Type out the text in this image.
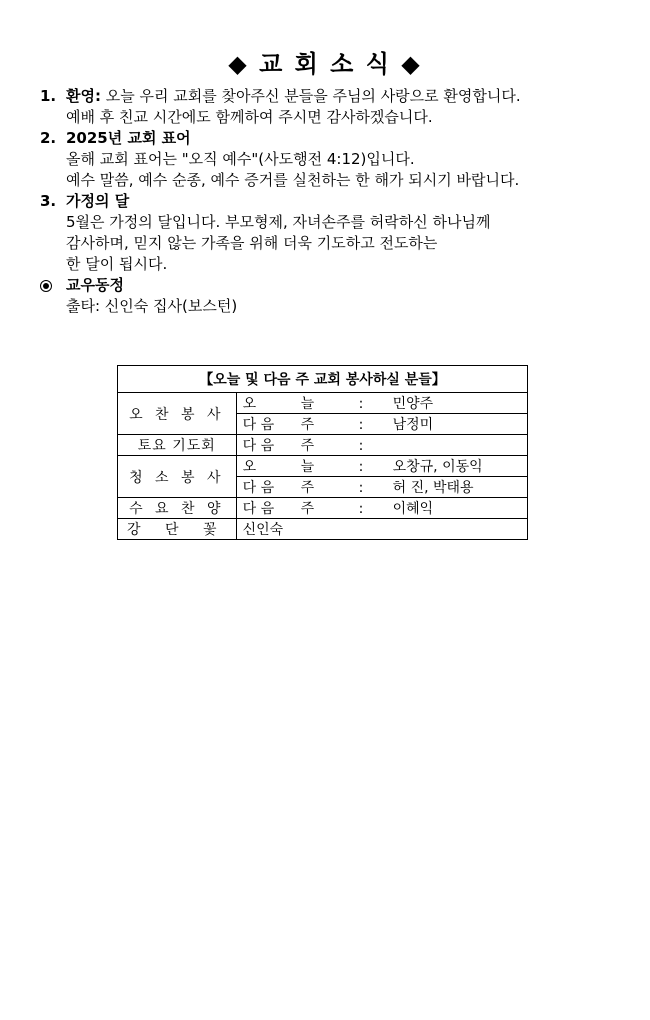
◆ 교 회 소 식 ◆
1. 환영: 오늘 우리 교회를 찾아주신 분들을 주님의 사랑으로 환영합니다.
예배 후 친교 시간에도 함께하여 주시면 감사하겠습니다.
2. 2025년 교회 표어
올해 교회 표어는 "오직 예수"(사도행전 4:12)입니다.
예수 말씀, 예수 순종, 예수 증거를 실천하는 한 해가 되시기 바랍니다.
3. 가정의 달
5월은 가정의 달입니다. 부모형제, 자녀손주를 허락하신 하나님께
감사하며, 믿지 않는 가족을 위해 더욱 기도하고 전도하는
한 달이 됩시다.
교우동정
출타: 신인숙 집사(보스턴)
【오늘 및 다음 주 교회 봉사하실 분들】	
오 찬 봉 사	오 늘 : 민양주
	다 음 주 : 남정미
토요 기도회	다 음 주 :
청 소 봉 사	오 늘 : 오창규, 이동익
	다 음 주 : 허 진, 박태용
수 요 찬 양	다 음 주 : 이혜익
강 단 꽃	신인숙
